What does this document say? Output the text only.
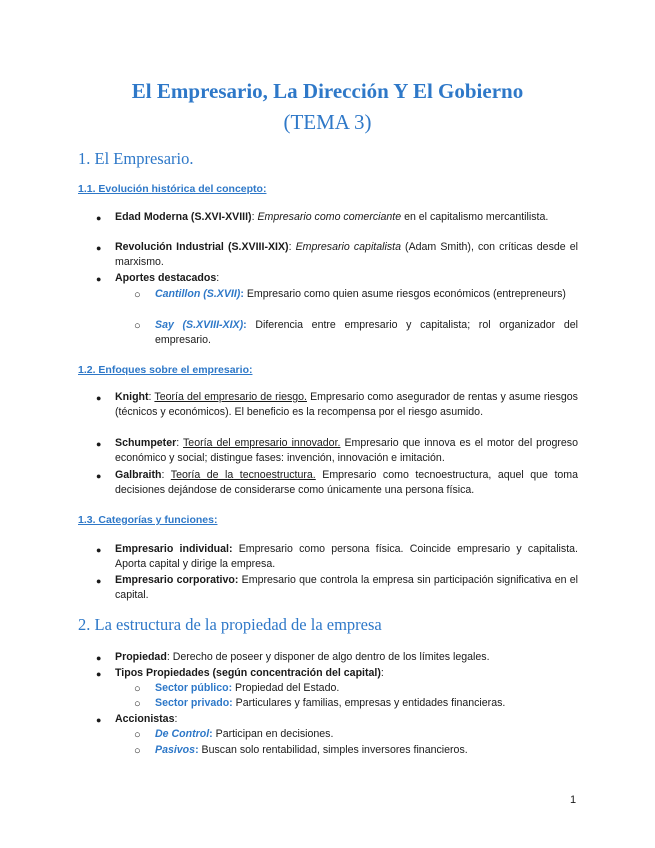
El Empresario, La Dirección Y El Gobierno
(TEMA 3)
1. El Empresario.
1.1. Evolución histórica del concepto:
● Edad Moderna (S.XVI-XVIII): Empresario como comerciante en el capitalismo mercantilista.

● Revolución Industrial (S.XVIII-XIX): Empresario capitalista (Adam Smith), con críticas desde el marxismo.

● Aportes destacados:

○ Cantillon (S.XVII): Empresario como quien asume riesgos económicos (entrepreneurs)

○ Say (S.XVIII-XIX): Diferencia entre empresario y capitalista; rol organizador del empresario.

1.2. Enfoques sobre el empresario:
● Knight: Teoría del empresario de riesgo. Empresario como asegurador de rentas y asume riesgos (técnicos y económicos). El beneficio es la recompensa por el riesgo asumido.

● Schumpeter: Teoría del empresario innovador. Empresario que innova es el motor del progreso económico y social; distingue fases: invención, innovación e imitación.

● Galbraith: Teoría de la tecnoestructura. Empresario como tecnoestructura, aquel que toma decisiones dejándose de considerarse como únicamente una persona física.

1.3. Categorías y funciones:
● Empresario individual: Empresario como persona física. Coincide empresario y capitalista. Aporta capital y dirige la empresa.

● Empresario corporativo: Empresario que controla la empresa sin participación significativa en el capital.

2. La estructura de la propiedad de la empresa
● Propiedad: Derecho de poseer y disponer de algo dentro de los límites legales.

● Tipos Propiedades (según concentración del capital):

○ Sector público: Propiedad del Estado.

○ Sector privado: Particulares y familias, empresas y entidades financieras.

● Accionistas:

○ De Control: Participan en decisiones.

○ Pasivos: Buscan solo rentabilidad, simples inversores financieros.

1
